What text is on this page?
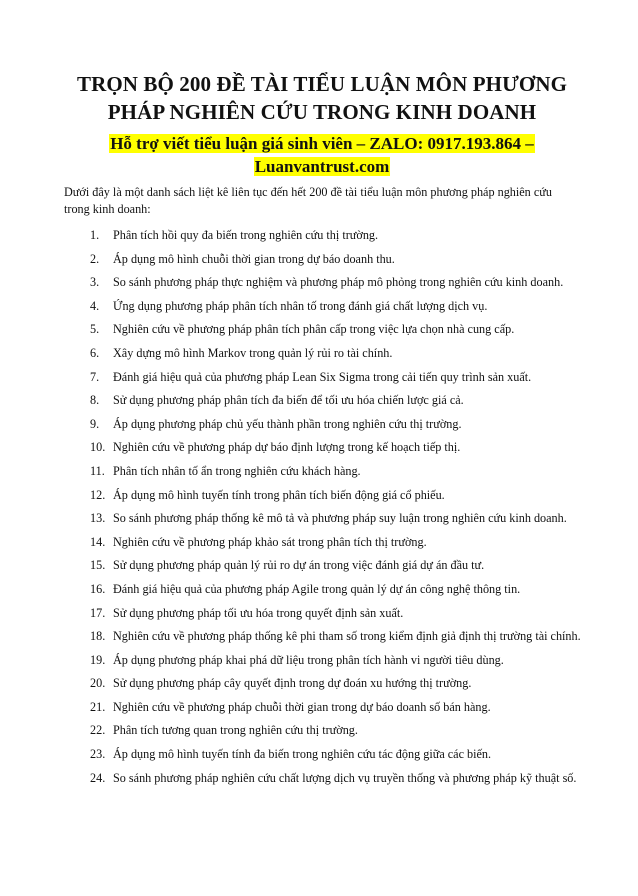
TRỌN BỘ 200 ĐỀ TÀI TIỂU LUẬN MÔN PHƯƠNG
PHÁP NGHIÊN CỨU TRONG KINH DOANH
Hỗ trợ viết tiểu luận giá sinh viên – ZALO: 0917.193.864 –
Luanvantrust.com

Dưới đây là một danh sách liệt kê liên tục đến hết 200 đề tài tiểu luận môn phương pháp nghiên cứu trong kinh doanh:

1.	Phân tích hồi quy đa biến trong nghiên cứu thị trường.
2.	Áp dụng mô hình chuỗi thời gian trong dự báo doanh thu.
3.	So sánh phương pháp thực nghiệm và phương pháp mô phỏng trong nghiên cứu kinh doanh.
4.	Ứng dụng phương pháp phân tích nhân tố trong đánh giá chất lượng dịch vụ.
5.	Nghiên cứu về phương pháp phân tích phân cấp trong việc lựa chọn nhà cung cấp.
6.	Xây dựng mô hình Markov trong quản lý rủi ro tài chính.
7.	Đánh giá hiệu quả của phương pháp Lean Six Sigma trong cải tiến quy trình sản xuất.
8.	Sử dụng phương pháp phân tích đa biến để tối ưu hóa chiến lược giá cả.
9.	Áp dụng phương pháp chủ yếu thành phần trong nghiên cứu thị trường.
10. Nghiên cứu về phương pháp dự báo định lượng trong kế hoạch tiếp thị.
11. Phân tích nhân tố ẩn trong nghiên cứu khách hàng.
12. Áp dụng mô hình tuyến tính trong phân tích biến động giá cổ phiếu.
13. So sánh phương pháp thống kê mô tả và phương pháp suy luận trong nghiên cứu kinh doanh.
14. Nghiên cứu về phương pháp khảo sát trong phân tích thị trường.
15. Sử dụng phương pháp quản lý rủi ro dự án trong việc đánh giá dự án đầu tư.
16. Đánh giá hiệu quả của phương pháp Agile trong quản lý dự án công nghệ thông tin.
17. Sử dụng phương pháp tối ưu hóa trong quyết định sản xuất.
18. Nghiên cứu về phương pháp thống kê phi tham số trong kiểm định giả định thị trường tài chính.
19. Áp dụng phương pháp khai phá dữ liệu trong phân tích hành vi người tiêu dùng.
20. Sử dụng phương pháp cây quyết định trong dự đoán xu hướng thị trường.
21. Nghiên cứu về phương pháp chuỗi thời gian trong dự báo doanh số bán hàng.
22. Phân tích tương quan trong nghiên cứu thị trường.
23. Áp dụng mô hình tuyến tính đa biến trong nghiên cứu tác động giữa các biến.
24. So sánh phương pháp nghiên cứu chất lượng dịch vụ truyền thống và phương pháp kỹ thuật số.
